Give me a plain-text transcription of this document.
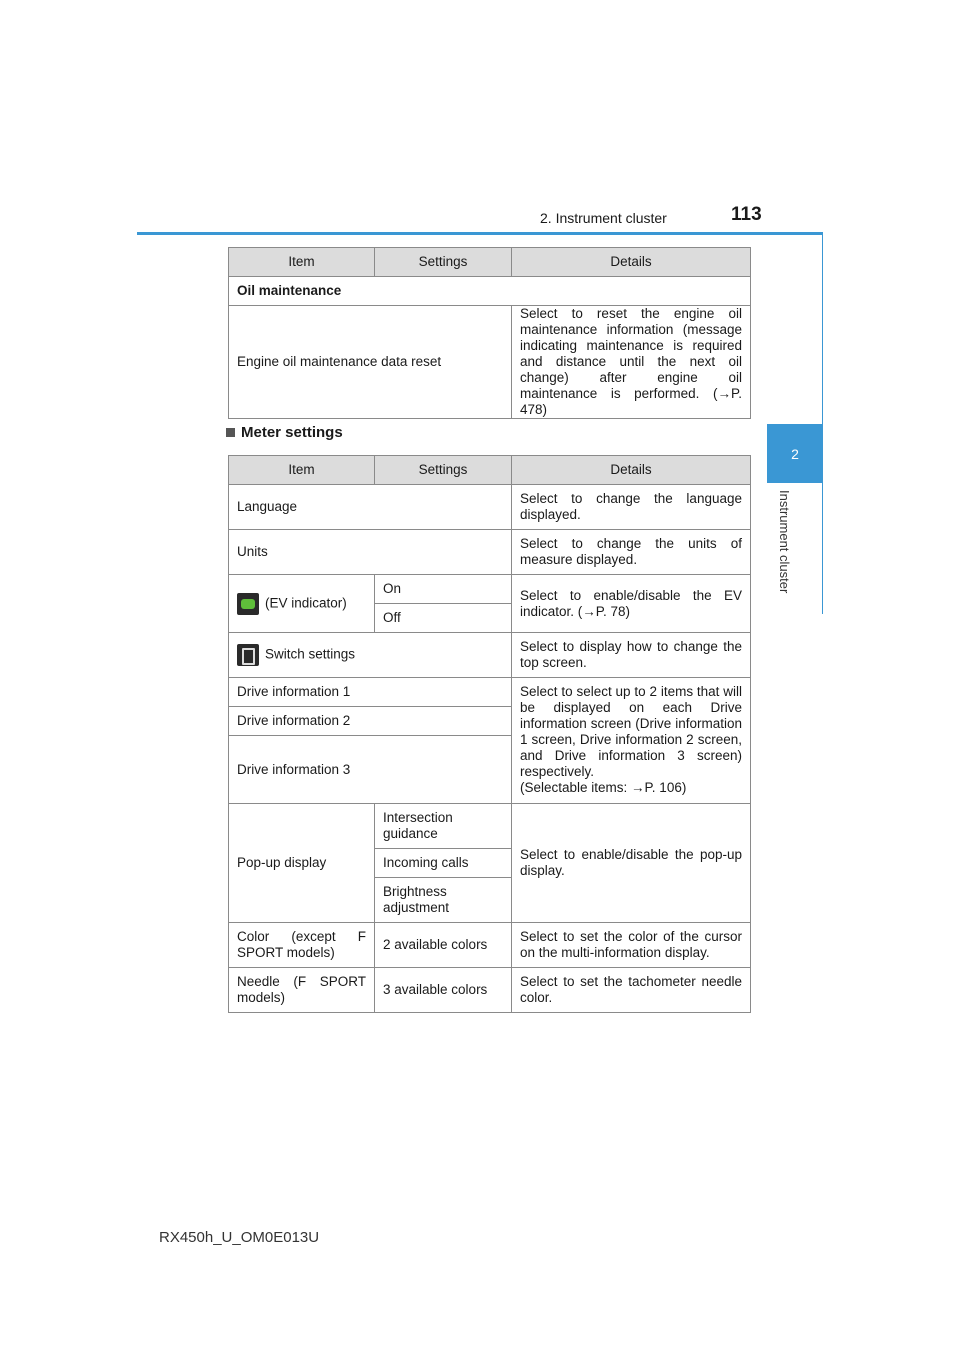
2. Instrument cluster	113
2
Instrument cluster
Item	Settings	Details
Oil maintenance		
Engine oil maintenance data reset		Select to reset the engine oil maintenance information (message indicating maintenance is required and distance until the next oil change) after engine oil maintenance is performed. (→P. 478)
Meter settings
Item	Settings	Details
Language		Select to change the language displayed.
Units		Select to change the units of measure displayed.
(EV indicator)	On	Select to enable/disable the EV indicator. (→P. 78)
	Off	
Switch settings		Select to display how to change the top screen.
Drive information 1		Select to select up to 2 items that will be displayed on each Drive information screen (Drive information 1 screen, Drive information 2 screen, and Drive information 3 screen) respectively.
(Selectable items: →P. 106)
Drive information 2		
Drive information 3		
Pop-up display	Intersection guidance	Select to enable/disable the pop-up display.
	Incoming calls	
	Brightness adjustment	
Color (except F SPORT models)	2 available colors	Select to set the color of the cursor on the multi-information display.
Needle (F SPORT models)	3 available colors	Select to set the tachometer needle color.
RX450h_U_OM0E013U
